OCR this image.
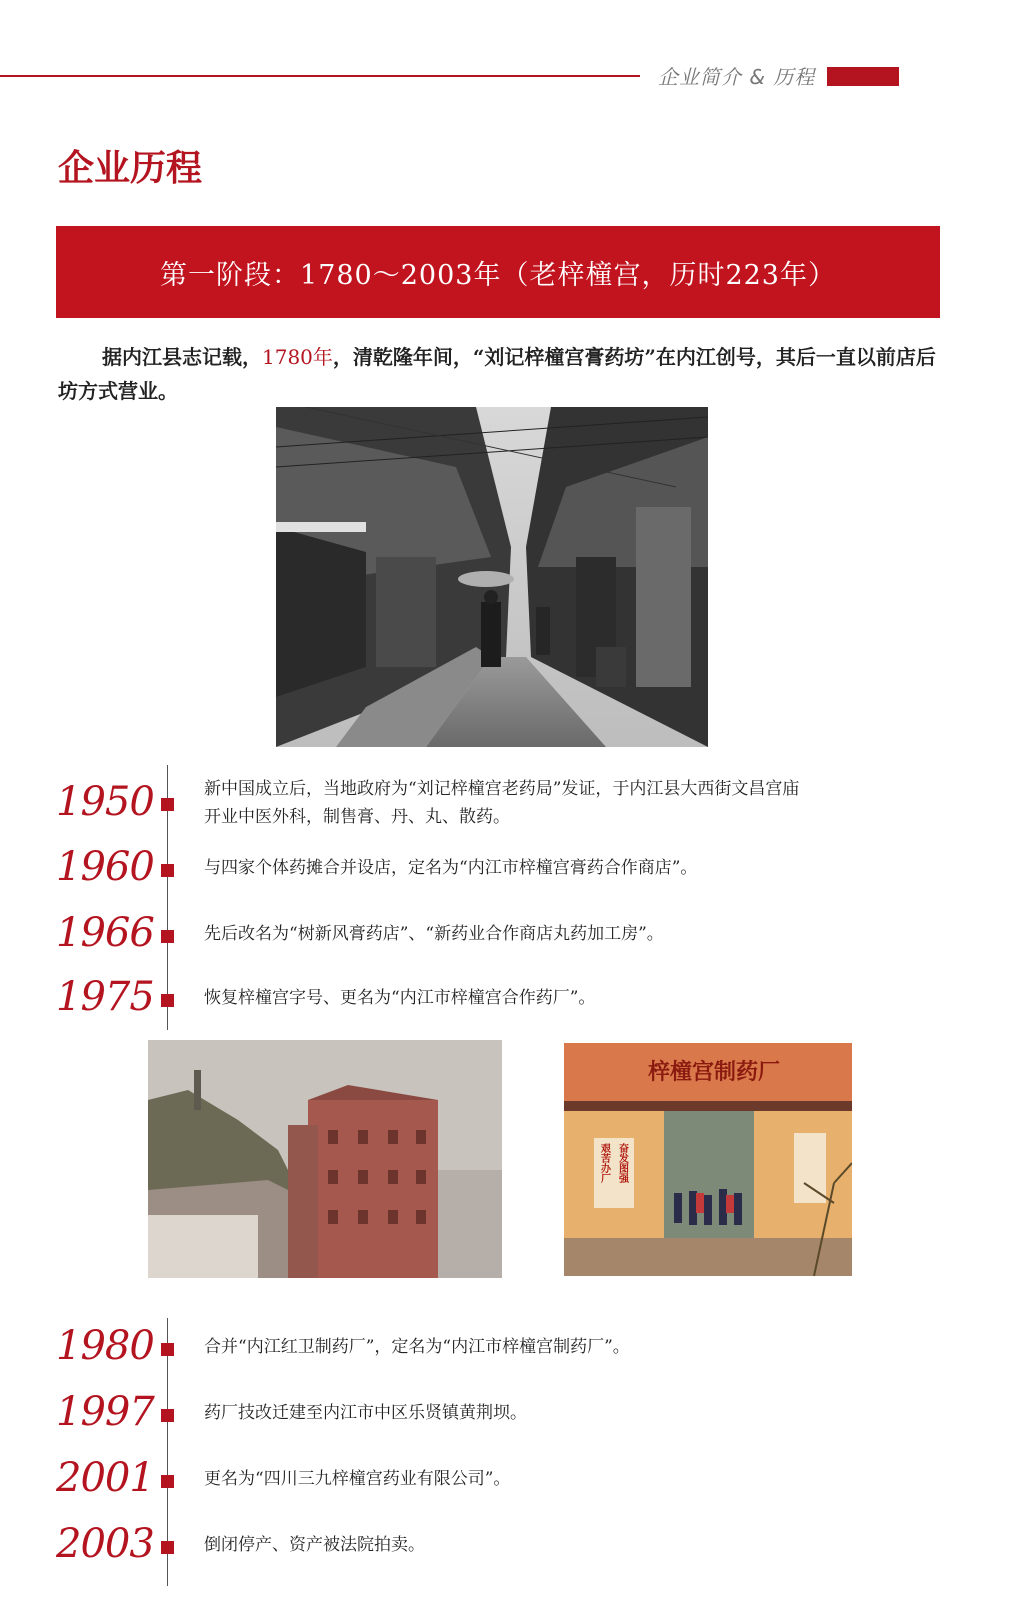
企业简介 & 历程
企业历程
第一阶段：1780～2003年（老梓橦宫，历时223年）

据内江县志记载，1780年，清乾隆年间，“刘记梓橦宫膏药坊”在内江创号，其后一直以前店后坊方式营业。

1950	新中国成立后，当地政府为“刘记梓橦宫老药局”发证，于内江县大西街文昌宫庙开业中医外科，制售膏、丹、丸、散药。
1960	与四家个体药摊合并设店，定名为“内江市梓橦宫膏药合作商店”。
1966	先后改名为“树新风膏药店”、“新药业合作商店丸药加工房”。
1975	恢复梓橦宫字号、更名为“内江市梓橦宫合作药厂”。
梓橦宫制药厂
艰苦办厂 奋发图强
1980	合并“内江红卫制药厂”，定名为“内江市梓橦宫制药厂”。
1997	药厂技改迁建至内江市中区乐贤镇黄荆坝。
2001	更名为“四川三九梓橦宫药业有限公司”。
2003	倒闭停产、资产被法院拍卖。
